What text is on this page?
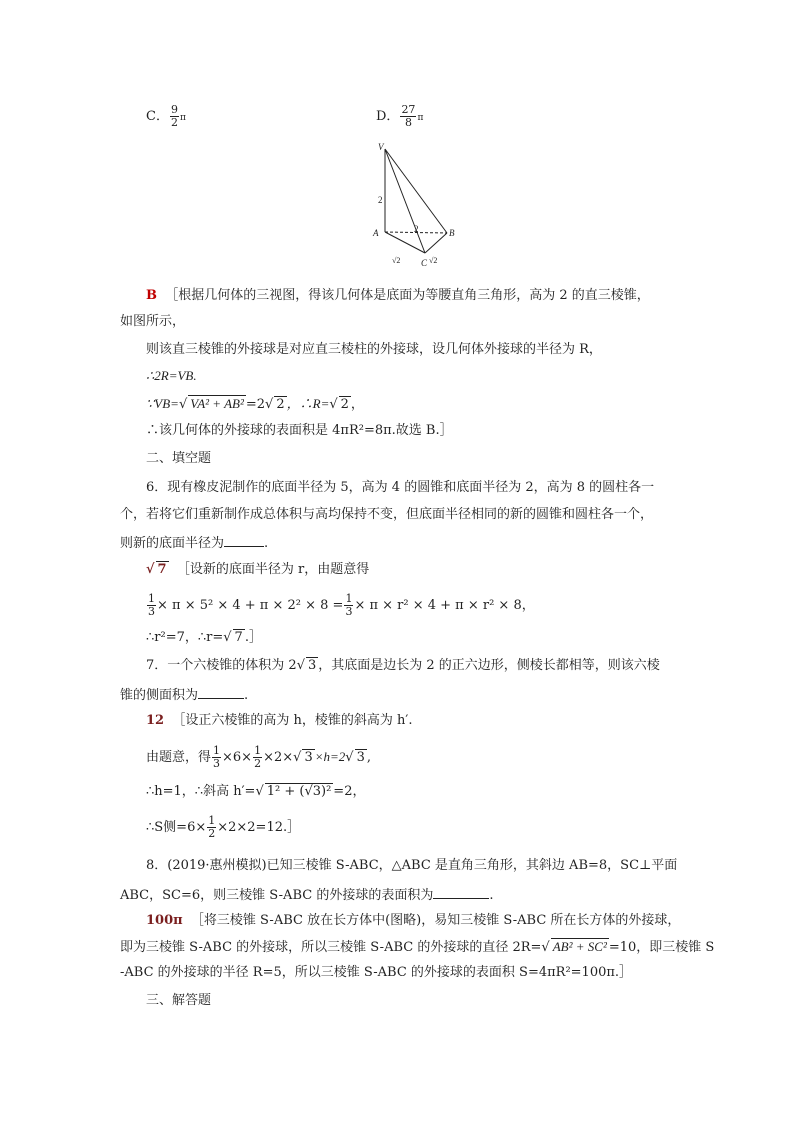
C． $\frac{9}{2}$ π	D． $\frac{27}{8}$ π
V
A	B
C
2
2
√2	√2
B ［根据几何体的三视图，得该几何体是底面为等腰直角三角形，高为 2 的直三棱锥，
如图所示，
则该直三棱锥的外接球是对应直三棱柱的外接球，设几何体外接球的半径为 R，
∴2R=VB.
∵VB=√ VA² + AB² =2√ 2 ，∴R=√ 2 ，
∴该几何体的外接球的表面积是 4πR²=8π.故选 B.］
二、填空题
6．现有橡皮泥制作的底面半径为 5，高为 4 的圆锥和底面半径为 2，高为 8 的圆柱各一
个，若将它们重新制作成总体积与高均保持不变，但底面半径相同的新的圆锥和圆柱各一个，
则新的底面半径为	.
√ 7 ［设新的底面半径为 r，由题意得
$\frac{1}{3} \times \pi \times 5^2 \times 4 + \pi \times 2^2 \times 8 = \frac{1}{3} \times \pi \times r^2 \times 4 + \pi \times r^2 \times 8$，
∴r²=7，∴r=√ 7 .］
7．一个六棱锥的体积为 2√ 3 ，其底面是边长为 2 的正六边形，侧棱长都相等，则该六棱
锥的侧面积为	.
12 ［设正六棱锥的高为 h，棱锥的斜高为 h′.
由题意，得 $\frac{1}{3} \times 6\times \frac{1}{2} \times 2\times√$ 3 ×h=2√ 3 ,
∴h=1，∴斜高 h′=√ 1² + (√3)² =2，
∴S侧$=6\times \frac{1}{2}$ ×2×2=12.］
8．(2019·惠州模拟)已知三棱锥 S-ABC，△ABC 是直角三角形，其斜边 AB=8，SC⊥平面
ABC，SC=6，则三棱锥 S-ABC 的外接球的表面积为	.
100π ［将三棱锥 S-ABC 放在长方体中(图略)，易知三棱锥 S-ABC 所在长方体的外接球，
即为三棱锥 S-ABC 的外接球，所以三棱锥 S-ABC 的外接球的直径 2R=√ AB² + SC² =10，即三棱锥 S
-ABC 的外接球的半径 R=5，所以三棱锥 S-ABC 的外接球的表面积 S=4πR²=100π.］
三、解答题
